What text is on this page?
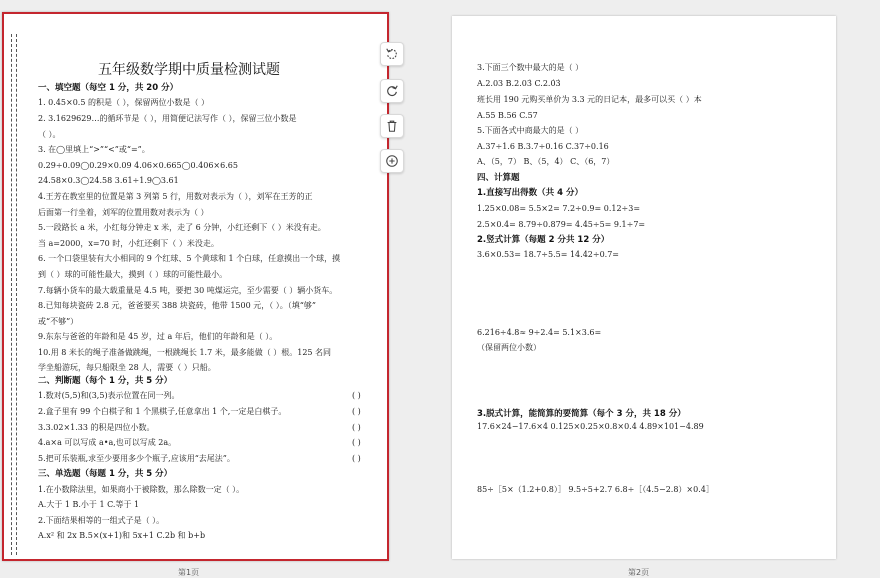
五年级数学期中质量检测试题
一、填空题（每空 1 分，共 20 分）
1. 0.45×0.5 的积是（ ），保留两位小数是（ ）
2. 3.1629629…的循环节是（ ），用简便记法写作（ ），保留三位小数是
（ ）。
3. 在◯里填上“>”“<”或“=”。
0.29÷0.09◯0.29×0.09 4.06×0.665◯0.406×6.65
24.58×0.3◯24.58 3.61÷1.9◯3.61
4.王芳在教室里的位置是第 3 列第 5 行，用数对表示为（ ），刘军在王芳的正
后面第一行坐着，刘军的位置用数对表示为（ ）
5.一段路长 a 米，小红每分钟走 x 米，走了 6 分钟，小红还剩下（ ）米没有走。
当 a=2000，x=70 时，小红还剩下（ ）米没走。
6. 一个口袋里装有大小相同的 9 个红球、5 个黄球和 1 个白球，任意摸出一个球，摸
到（ ）球的可能性最大，摸到（ ）球的可能性最小。
7.每辆小货车的最大载重量是 4.5 吨，要把 30 吨煤运完，至少需要（ ）辆小货车。
8.已知每块瓷砖 2.8 元，爸爸要买 388 块瓷砖，他带 1500 元，（ ）。（填“够”
或“不够”）
9.东东与爸爸的年龄和是 45 岁，过 a 年后，他们的年龄和是（ ）。
10.用 8 米长的绳子准备做跳绳，一根跳绳长 1.7 米，最多能做（ ）根。125 名同
学坐船游玩，每只船限坐 28 人，需要（ ）只船。
二、判断题（每个 1 分，共 5 分）
1.数对(5,5)和(3,5)表示位置在同一列。
2.盒子里有 99 个白棋子和 1 个黑棋子,任意拿出 1 个,一定是白棋子。
3.3.02×1.33 的积是四位小数。
4.a×a 可以写成 a•a,也可以写成 2a。
5.把可乐装瓶,求至少要用多少个瓶子,应该用“去尾法”。
三、单选题（每题 1 分，共 5 分）
1.在小数除法里，如果商小于被除数，那么除数一定（ ）。
A.大于 1 B.小于 1 C.等于 1
2.下面结果相等的一组式子是（ ）。
A.x² 和 2x B.5×(x+1)和 5x+1 C.2b 和 b+b
( )
( )
( )
( )
( )
3.下面三个数中最大的是（ ）
A.2.03 B.2.03̇ C.2.0̇3̇
班长用 190 元购买单价为 3.3 元的日记本，最多可以买（ ）本
A.55 B.56 C.57
5.下面各式中商最大的是（ ）
A.37÷1.6 B.3.7÷0.16 C.37÷0.16
A、（5，7） B、（5，4） C、（6，7）
四、计算题
1.直接写出得数（共 4 分）
1.25×0.08= 5.5×2= 7.2÷0.9= 0.12÷3=
2.5×0.4= 8.79÷0.879= 4.45÷5= 9.1÷7=
2.竖式计算（每题 2 分共 12 分）
3.6×0.53= 18.7÷5.5= 14.42÷0.7=
6.216÷4.8≈ 9÷2.4= 5.1×3.6=
（保留两位小数）
3.脱式计算，能简算的要简算（每个 3 分，共 18 分）
17.6×24−17.6×4 0.125×0.25×0.8×0.4 4.89×101−4.89
85÷［5×（1.2+0.8）］ 9.5÷5+2.7 6.8÷［（4.5−2.8）×0.4］
第1页	第2页
